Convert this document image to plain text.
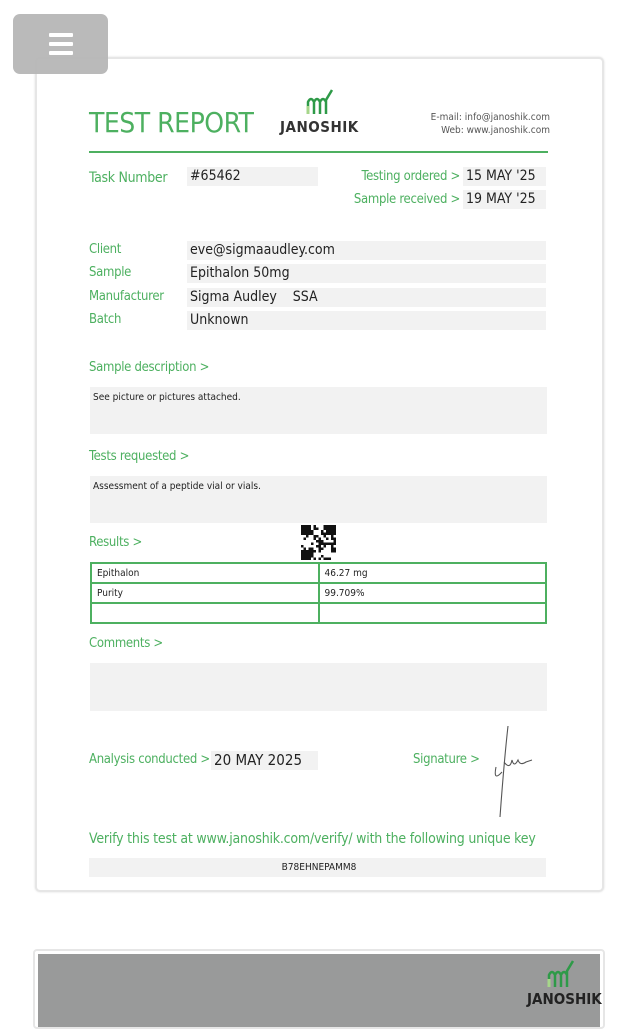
TEST REPORT JANOSHIK
E-mail: info@janoshik.com
Web: www.janoshik.com
Task Number #65462	Testing ordered > 15 MAY '25
Sample received > 19 MAY '25
Client	eve@sigmaaudley.com
Sample	Epithalon 50mg
Manufacturer Sigma Audley    SSA
Batch	Unknown
Sample description >
See picture or pictures attached.
Tests requested >
Assessment of a peptide vial or vials.
Results >
Epithalon	46.27 mg
Purity	99.709%

Comments >
Analysis conducted > 20 MAY 2025	Signature >
Verify this test at www.janoshik.com/verify/ with the following unique key
B78EHNEPAMM8
JANOSHIK
